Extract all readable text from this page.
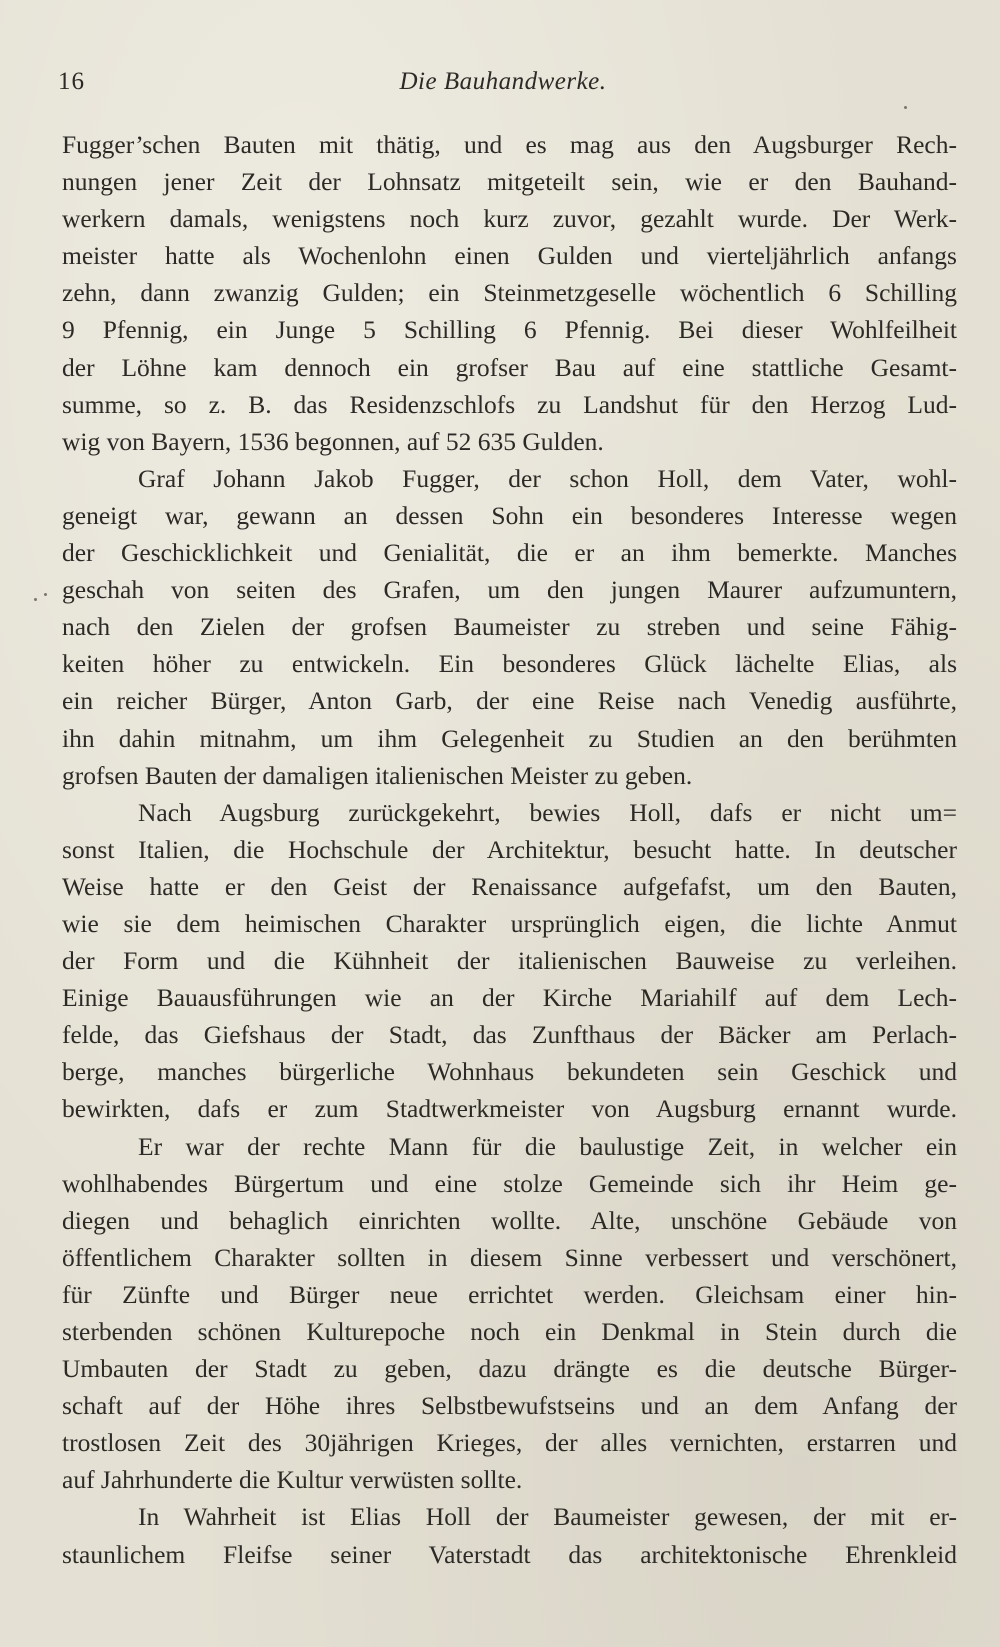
16	Die Bauhandwerke.
Fugger’schen Bauten mit thätig, und es mag aus den Augsburger Rech-
nungen jener Zeit der Lohnsatz mitgeteilt sein, wie er den Bauhand-
werkern damals, wenigstens noch kurz zuvor, gezahlt wurde. Der Werk-
meister hatte als Wochenlohn einen Gulden und vierteljährlich anfangs
zehn, dann zwanzig Gulden; ein Steinmetzgeselle wöchentlich 6 Schilling
9 Pfennig, ein Junge 5 Schilling 6 Pfennig. Bei dieser Wohlfeilheit
der Löhne kam dennoch ein grofser Bau auf eine stattliche Gesamt-
summe, so z. B. das Residenzschlofs zu Landshut für den Herzog Lud-
wig von Bayern, 1536 begonnen, auf 52 635 Gulden.
Graf Johann Jakob Fugger, der schon Holl, dem Vater, wohl-
geneigt war, gewann an dessen Sohn ein besonderes Interesse wegen
der Geschicklichkeit und Genialität, die er an ihm bemerkte. Manches
geschah von seiten des Grafen, um den jungen Maurer aufzumuntern,
nach den Zielen der grofsen Baumeister zu streben und seine Fähig-
keiten höher zu entwickeln. Ein besonderes Glück lächelte Elias, als
ein reicher Bürger, Anton Garb, der eine Reise nach Venedig ausführte,
ihn dahin mitnahm, um ihm Gelegenheit zu Studien an den berühmten
grofsen Bauten der damaligen italienischen Meister zu geben.
Nach Augsburg zurückgekehrt, bewies Holl, dafs er nicht um=
sonst Italien, die Hochschule der Architektur, besucht hatte. In deutscher
Weise hatte er den Geist der Renaissance aufgefafst, um den Bauten,
wie sie dem heimischen Charakter ursprünglich eigen, die lichte Anmut
der Form und die Kühnheit der italienischen Bauweise zu verleihen.
Einige Bauausführungen wie an der Kirche Mariahilf auf dem Lech-
felde, das Giefshaus der Stadt, das Zunfthaus der Bäcker am Perlach-
berge, manches bürgerliche Wohnhaus bekundeten sein Geschick und
bewirkten, dafs er zum Stadtwerkmeister von Augsburg ernannt wurde.
Er war der rechte Mann für die baulustige Zeit, in welcher ein
wohlhabendes Bürgertum und eine stolze Gemeinde sich ihr Heim ge-
diegen und behaglich einrichten wollte. Alte, unschöne Gebäude von
öffentlichem Charakter sollten in diesem Sinne verbessert und verschönert,
für Zünfte und Bürger neue errichtet werden. Gleichsam einer hin-
sterbenden schönen Kulturepoche noch ein Denkmal in Stein durch die
Umbauten der Stadt zu geben, dazu drängte es die deutsche Bürger-
schaft auf der Höhe ihres Selbstbewufstseins und an dem Anfang der
trostlosen Zeit des 30jährigen Krieges, der alles vernichten, erstarren und
auf Jahrhunderte die Kultur verwüsten sollte.
In Wahrheit ist Elias Holl der Baumeister gewesen, der mit er-
staunlichem Fleifse seiner Vaterstadt das architektonische Ehrenkleid
